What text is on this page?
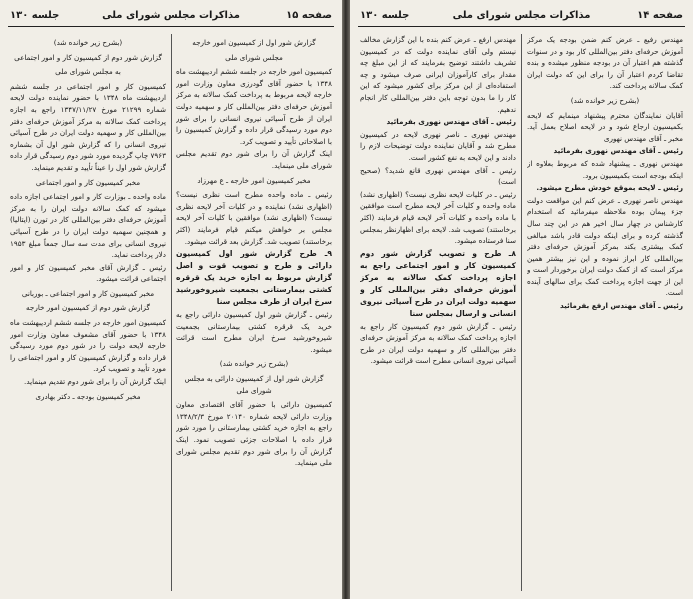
صفحه ۱۵
مذاکرات مجلس شورای ملی
جلسه ۱۳۰

گزارش شور اول از کمیسیون امور خارجه

مجلس شورای ملی

کمیسیون امور خارجه در جلسه ششم اردیبهشت ماه ۱۳۴۸ با حضور آقای گودرزی معاون وزارت امور خارجه لایحه مربوط به پرداخت کمک سالانه به مرکز آموزش حرفه‌ای دفتر بین‌المللی کار و سهمیه دولت ایران از طرح آسیائی نیروی انسانی را برای شور دوم مورد رسیدگی قرار داده و گزارش کمیسیون را با اصلاحاتی تأیید و تصویب کرد.

اینک گزارش آن را برای شور دوم تقدیم مجلس شورای ملی مینماید.

مخبر کمیسیون امور خارجه ـ ع مهرزاد

رئیس ـ ماده واحده مطرح است نظری نیست؟ (اظهاری نشد) نماینده و در کلیات آخر لایحه نظری نیست؟ (اظهاری نشد) موافقین با کلیات آخر لایحه مجلس بر خواهش میکنم قیام فرمایند (اکثر برخاستند) تصویب شد. گزارش بعد قرائت میشود.

۹ـ طرح گزارش شور اول کمیسیون دارائی و طرح و تصویب قوت و اصل گزارش مربوط به اجازه خرید یک قرقره کشتی بیمارستانی بجمعیت شیروخورشید سرخ ایران از طرف مجلس سنا

رئیس ـ گزارش شور اول کمیسیون دارائی راجع به خرید یک قرقره کشتی بیمارستانی بجمعیت شیروخورشید سرخ ایران مطرح است قرائت میشود.

(بشرح زیر خوانده شد)

گزارش شور اول از کمیسیون دارائی به مجلس شورای ملی

کمیسیون دارائی با حضور آقای اقتصادی معاون وزارت دارائی لایحه شماره ۲۰۱۴۰ مورخ ۱۳۴۸/۲/۳ راجع به اجازه خرید کشتی بیمارستانی را مورد شور قرار داده با اصلاحات جزئی تصویب نمود. اینک گزارش آن را برای شور دوم تقدیم مجلس شورای ملی مینماید.

(بشرح زیر خوانده شد)

گزارش شور دوم از کمیسیون کار و امور اجتماعی

به مجلس شورای ملی

کمیسیون کار و امور اجتماعی در جلسه ششم اردیبهشت ماه ۱۳۴۸ با حضور نماینده دولت لایحه شماره ۲۱۲۹۹ مورخ ۱۳۴۷/۱۱/۲۷ راجع به اجازه پرداخت کمک سالانه به مرکز آموزش حرفه‌ای دفتر بین‌المللی کار و سهمیه دولت ایران در طرح آسیائی نیروی انسانی را که گزارش شور اول آن بشماره ۷۹۶۳ چاپ گردیده مورد شور دوم رسیدگی قرار داده گزارش شور اول را عیناً تأیید و تقدیم مینماید.

مخبر کمیسیون کار و امور اجتماعی

ماده واحده ـ بوزارت کار و امور اجتماعی اجازه داده میشود که کمک سالانه دولت ایران را به مرکز آموزش حرفه‌ای دفتر بین‌المللی کار در تورن (ایتالیا) و همچنین سهمیه دولت ایران را در طرح آسیائی نیروی انسانی برای مدت سه سال جمعاً مبلغ ۱۹۵۳ دلار پرداخت نماید.

رئیس ـ گزارش آقای مخبر کمیسیون کار و امور اجتماعی قرائت میشود.

مخبر کمیسیون کار و امور اجتماعی ـ بوربانی

گزارش شور دوم از کمیسیون امور خارجه

کمیسیون امور خارجه در جلسه ششم اردیبهشت ماه ۱۳۴۸ با حضور آقای مشعوف معاون وزارت امور خارجه لایحه دولت را در شور دوم مورد رسیدگی قرار داده و گزارش کمیسیون کار و امور اجتماعی را مورد تأیید و تصویب کرد.

اینک گزارش آن را برای شور دوم تقدیم مینماید.

مخبر کمیسیون بودجه ـ دکتر بهادری

صفحه ۱۴
مذاکرات مجلس شورای ملی
جلسه ۱۳۰

مهندس رفیع ـ عرض کنم ضمن بودجه یک مرکز آموزش حرفه‌ای دفتر بین‌المللی کار بود و در سنوات گذشته هم اعتبار آن در بودجه منظور میشده و بنده تقاضا کردم اعتبار آن را برای این که دولت ایران کمک سالانه پرداخت کند.

(بشرح زیر خوانده شد)

آقایان نمایندگان محترم پیشنهاد مینمایم که لایحه بکمیسیون ارجاع شود و در لایحه اصلاح بعمل آید. مخبر ـ آقای مهندس نهوری

رئیس ـ آقای مهندس نهوری بفرمائید

مهندس نهوری ـ پیشنهاد شده که مربوط بعلاوه از اینکه بودجه است بکمیسیون برود.

رئیس ـ لایحه بموقع خودش مطرح میشود.

مهندس ناصر نهوری ـ عرض کنم این مواقعت دولت جزء پیمان بوده ملاحظه میفرمائید که استخدام کارشناس در چهار سال اخیر هم در این چند سال گذشته کرده و برای اینکه دولت قادر باشد مبالغی کمک بیشتری بکند بمرکز آموزش حرفه‌ای دفتر بین‌المللی کار ابراز نموده و این نیز بیشتر همین مرکز است که از کمک دولت ایران برخوردار است و این از جهت اجازه پرداخت کمک برای سالهای آینده است.

رئیس ـ آقای مهندس ارفع بفرمائید

مهندس ارفع ـ عرض کنم بنده با این گزارش مخالف نیستم ولی آقای نماینده دولت که در کمیسیون تشریف داشتند توضیح بفرمایند که از این مبلغ چه مقدار برای کارآموزان ایرانی صرف میشود و چه استفاده‌ای از این مرکز برای کشور میشود که این کار را ما بدون توجه باین دفتر بین‌المللی کار انجام ندهیم.

رئیس ـ آقای مهندس نهوری بفرمائید

مهندس نهوری ـ ناصر نهوری لایحه در کمیسیون مطرح شد و آقایان نماینده دولت توضیحات لازم را دادند و این لایحه به نفع کشور است.

رئیس ـ آقای مهندس نهوری قانع شدید؟ (صحیح است)

رئیس ـ در کلیات لایحه نظری نیست؟ (اظهاری نشد) ماده واحده و کلیات آخر لایحه مطرح است موافقین با ماده واحده و کلیات آخر لایحه قیام فرمایند (اکثر برخاستند) تصویب شد. لایحه برای اظهارنظر بمجلس سنا فرستاده میشود.

۸ـ طرح و تصویب گزارش شور دوم کمیسیون کار و امور اجتماعی راجع به اجازه پرداخت کمک سالانه به مرکز آموزش حرفه‌ای دفتر بین‌المللی کار و سهمیه دولت ایران در طرح آسیائی نیروی انسانی و ارسال بمجلس سنا

رئیس ـ گزارش شور دوم کمیسیون کار راجع به اجازه پرداخت کمک سالانه به مرکز آموزش حرفه‌ای دفتر بین‌المللی کار و سهمیه دولت ایران در طرح آسیائی نیروی انسانی مطرح است قرائت میشود.
